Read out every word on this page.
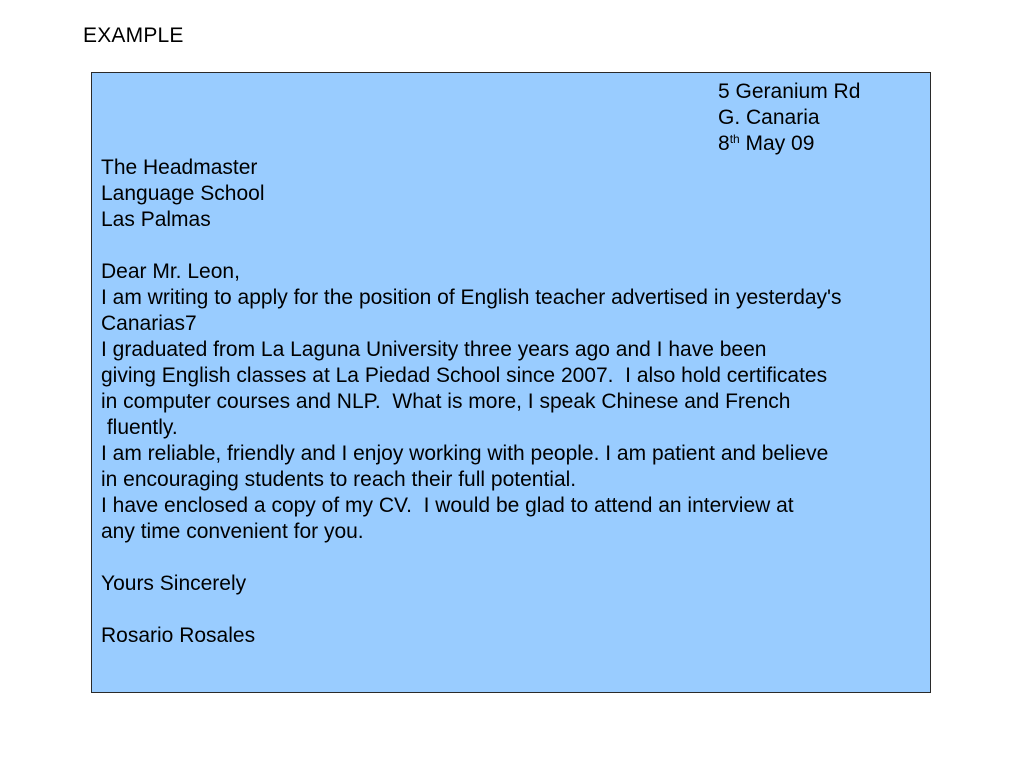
EXAMPLE
5 Geranium Rd
G. Canaria
8th May 09
The Headmaster
Language School
Las Palmas
Dear Mr. Leon,
I am writing to apply for the position of English teacher advertised in yesterday's
Canarias7
I graduated from La Laguna University three years ago and I have been
giving English classes at La Piedad School since 2007.  I also hold certificates
in computer courses and NLP.  What is more, I speak Chinese and French
fluently.
I am reliable, friendly and I enjoy working with people. I am patient and believe
in encouraging students to reach their full potential.
I have enclosed a copy of my CV.  I would be glad to attend an interview at
any time convenient for you.
Yours Sincerely
Rosario Rosales
